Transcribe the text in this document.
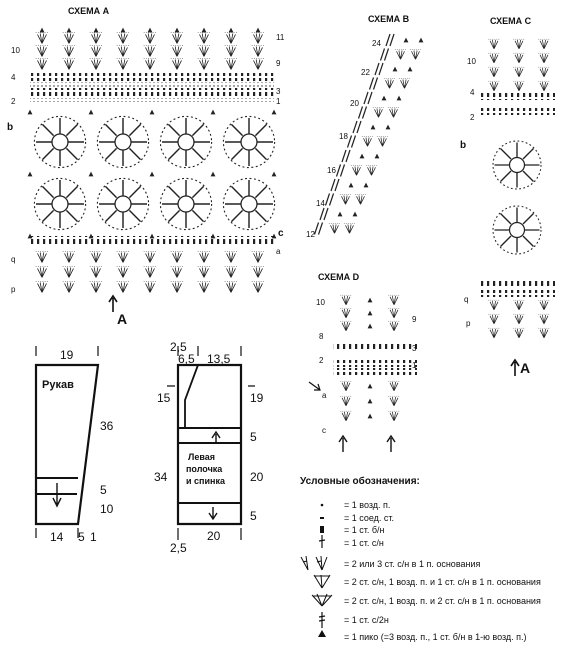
СХЕМА A
11
9
3
1
a
c
10
4
2
b
q
p
A
СХЕМА B
24
22
20
18
16
14
12
СХЕМА C
10
4
2
b
q
p
A
СХЕМА D
10
8
2
a
c
9
3
1
Рукав
19
36
5
10
14 5 1
Левая
полочка
и спинка
2,5
6,5 13,5
15
34
19
5
20
5
2,5
20
Условные обозначения:
= 1 возд. п.
= 1 соед. ст.
= 1 ст. б/н
= 1 ст. с/н
= 2 или 3 ст. с/н в 1 п. основания
= 2 ст. с/н, 1 возд. п. и 1 ст. с/н в 1 п. основания
= 2 ст. с/н, 1 возд. п. и 2 ст. с/н в 1 п. основания
= 1 ст. с/2н
= 1 пико (=3 возд. п., 1 ст. б/н в 1-ю возд. п.)
